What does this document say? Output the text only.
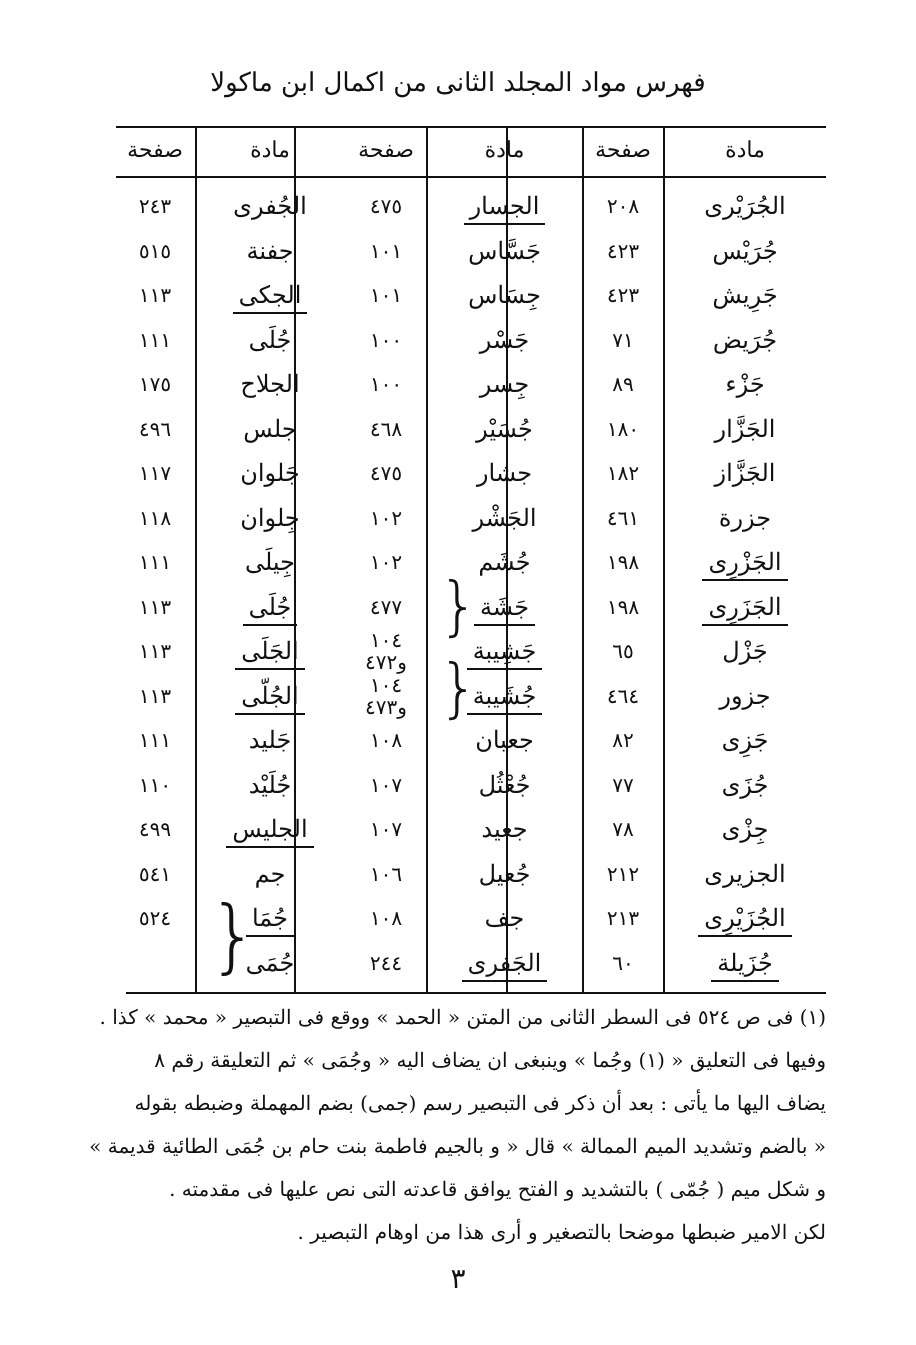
فهرس مواد المجلد الثانى من اكمال ابن ماكولا
مادة
صفحة
مادة
صفحة
مادة
صفحة
الجُرَيْرى
٢٠٨
جُرَيْس
٤٢٣
جَرِيش
٤٢٣
جُرَيض
٧١
جَزْء
٨٩
الجَزَّار
١٨٠
الجَزَّاز
١٨٢
جزرة
٤٦١
الجَزْرِى
١٩٨
الجَزَرِى
١٩٨
جَزْل
٦٥
جزور
٤٦٤
جَزِى
٨٢
جُزَى
٧٧
جِزْى
٧٨
الجزيرى
٢١٢
الجُزَيْرِى
٢١٣
جُزَيلة
٦٠
الجسار
٤٧٥
جَسَّاس
١٠١
جِسَاس
١٠١
جَسْر
١٠٠
جِسر
١٠٠
جُسَيْر
٤٦٨
جشار
٤٧٥
الجَشْر
١٠٢
جُشَم
١٠٢
جَشَة
٤٧٧
جَشِيبة
١٠٤
و٤٧٢
جُشَيبة
١٠٤
و٤٧٣
جعبان
١٠٨
جُعْثُل
١٠٧
جعيد
١٠٧
جُعيل
١٠٦
جف
١٠٨
الجَفرى
٢٤٤
الجُفرى
٢٤٣
جفنة
٥١٥
الجكى
١١٣
جُلَى
١١١
الجلاح
١٧٥
جلس
٤٩٦
جَلوان
١١٧
جِلوان
١١٨
جِيلَى
١١١
جُلَى
١١٣
الجَلَى
١١٣
الجُلّى
١١٣
جَليد
١١١
جُلَيْد
١١٠
الجليس
٤٩٩
جم
٥٤١
جُمَا
٥٢٤
جُمَى
{
{
{
(١) فى ص ٥٢٤ فى السطر الثانى من المتن « الحمد » ووقع فى التبصير « محمد » كذا .
وفيها فى التعليق « (١) وجُما » وينبغى ان يضاف اليه « وجُمَى » ثم التعليقة رقم ٨
يضاف اليها ما يأتى : بعد أن ذكر فى التبصير رسم (جمى) بضم المهملة وضبطه بقوله
« بالضم وتشديد الميم الممالة » قال « و بالجيم فاطمة بنت حام بن جُمَى الطائية قديمة »
و شكل ميم ( جُمّى ) بالتشديد و الفتح يوافق قاعدته التى نص عليها فى مقدمته .
لكن الامير ضبطها موضحا بالتصغير و أرى هذا من اوهام التبصير .
٣
